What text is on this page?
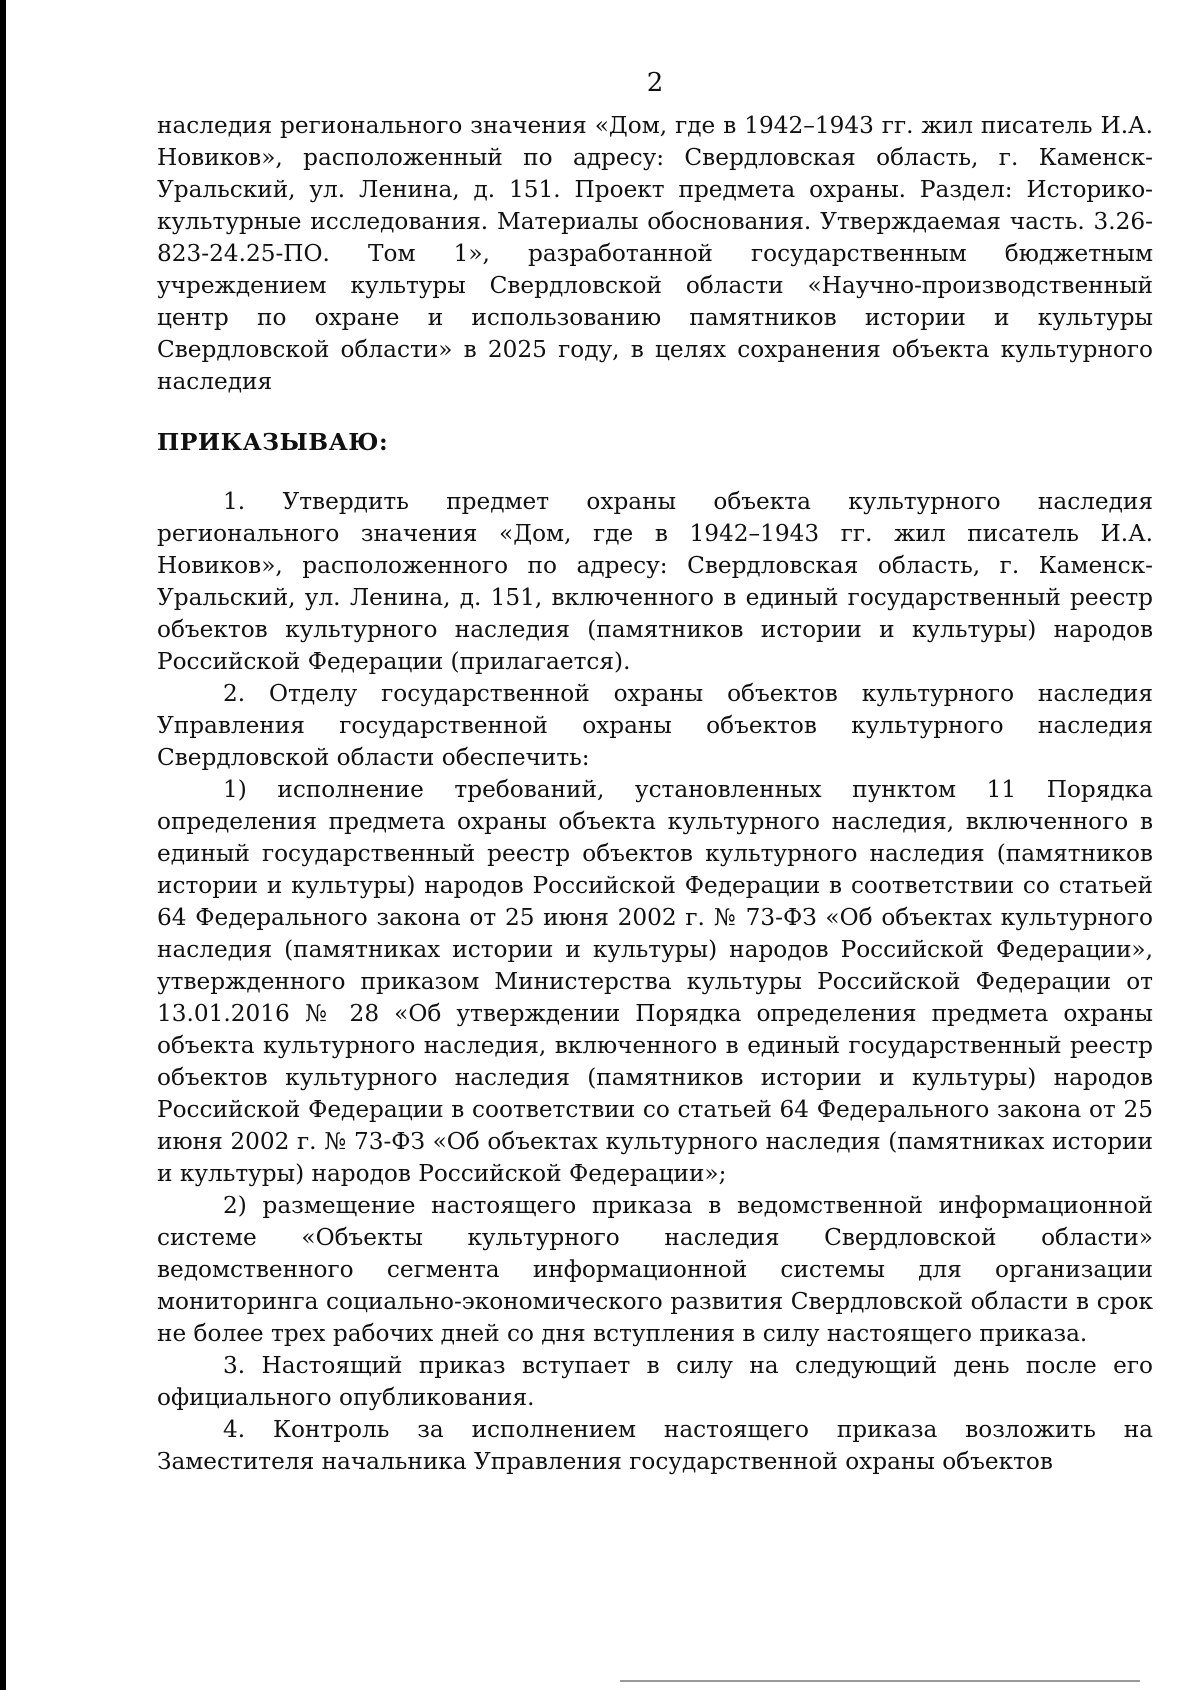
2

наследия регионального значения «Дом, где в 1942–1943 гг. жил писатель И.А. Новиков», расположенный по адресу: Свердловская область, г. Каменск-Уральский, ул. Ленина, д. 151. Проект предмета охраны. Раздел: Историко-культурные исследования. Материалы обоснования. Утверждаемая часть. 3.26-823-24.25-ПО. Том 1», разработанной государственным бюджетным учреждением культуры Свердловской области «Научно-производственный центр по охране и использованию памятников истории и культуры Свердловской области» в 2025 году, в целях сохранения объекта культурного наследия

ПРИКАЗЫВАЮ:

1. Утвердить предмет охраны объекта культурного наследия регионального значения «Дом, где в 1942–1943 гг. жил писатель И.А. Новиков», расположенного по адресу: Свердловская область, г. Каменск-Уральский, ул. Ленина, д. 151, включенного в единый государственный реестр объектов культурного наследия (памятников истории и культуры) народов Российской Федерации (прилагается).

2. Отделу государственной охраны объектов культурного наследия Управления государственной охраны объектов культурного наследия Свердловской области обеспечить:

1) исполнение требований, установленных пунктом 11 Порядка определения предмета охраны объекта культурного наследия, включенного в единый государственный реестр объектов культурного наследия (памятников истории и культуры) народов Российской Федерации в соответствии со статьей 64 Федерального закона от 25 июня 2002 г. № 73-ФЗ «Об объектах культурного наследия (памятниках истории и культуры) народов Российской Федерации», утвержденного приказом Министерства культуры Российской Федерации от 13.01.2016 № 28 «Об утверждении Порядка определения предмета охраны объекта культурного наследия, включенного в единый государственный реестр объектов культурного наследия (памятников истории и культуры) народов Российской Федерации в соответствии со статьей 64 Федерального закона от 25 июня 2002 г. № 73-ФЗ «Об объектах культурного наследия (памятниках истории и культуры) народов Российской Федерации»;

2) размещение настоящего приказа в ведомственной информационной системе «Объекты культурного наследия Свердловской области» ведомственного сегмента информационной системы для организации мониторинга социально-экономического развития Свердловской области в срок не более трех рабочих дней со дня вступления в силу настоящего приказа.

3. Настоящий приказ вступает в силу на следующий день после его официального опубликования.

4. Контроль за исполнением настоящего приказа возложить на Заместителя начальника Управления государственной охраны объектов
